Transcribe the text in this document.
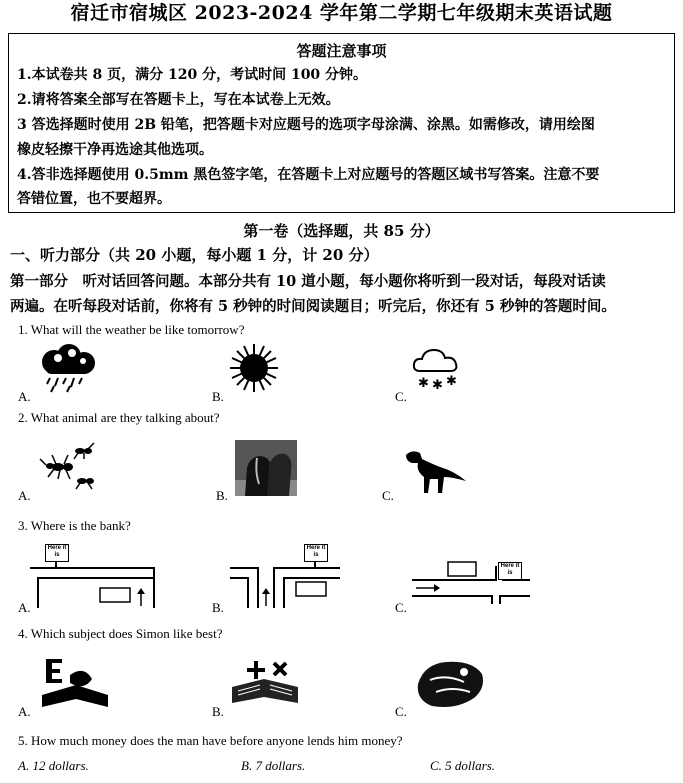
宿迁市宿城区 2023-2024 学年第二学期七年级期末英语试题
答题注意事项
1.本试卷共 8 页，满分 120 分，考试时间 100 分钟。
2.请将答案全部写在答题卡上，写在本试卷上无效。
3 答选择题时使用 2B 铅笔，把答题卡对应题号的选项字母涂满、涂黑。如需修改，请用绘图
橡皮轻擦干净再选途其他选项。
4.答非选择题使用 0.5mm 黑色签字笔，在答题卡上对应题号的答题区域书写答案。注意不要
答错位置，也不要超界。
第一卷（选择题，共 85 分）
一、听力部分（共 20 小题，每小题 1 分，计 20 分）
第一部分　听对话回答问题。本部分共有 10 道小题，每小题你将听到一段对话，每段对话读
两遍。在听每段对话前，你将有 5 秒钟的时间阅读题目；听完后，你还有 5 秒钟的答题时间。
1. What will the weather be like tomorrow?
A.	B.	C.
✱ ✱ ✱
2. What animal are they talking about?
A.	B.	C.
3. Where is the bank?
A.	B.	C.
Here it is
Here it is
Here it is
4. Which subject does Simon like best?
A.	B.	C.
5. How much money does the man have before anyone lends him money?
A. 12 dollars.	B. 7 dollars.	C. 5 dollars.
